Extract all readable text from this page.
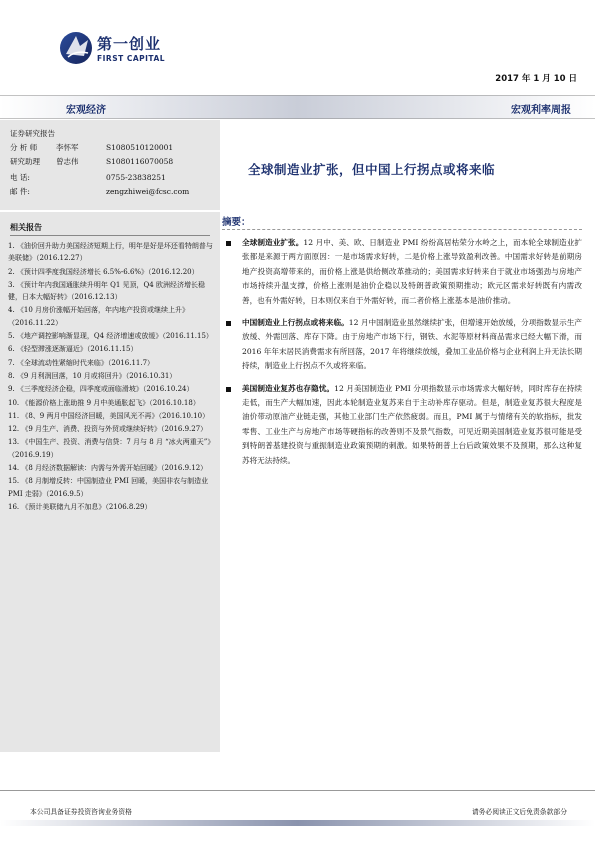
第一创业
FIRST CAPITAL
2017 年 1 月 10 日
宏观经济	宏观利率周报
证券研究报告
分 析 师 李怀军	S1080510120001
研究助理 曾志伟	S1080116070058
电 话:	0755-23838251
邮 件:	zengzhiwei@fcsc.com
全球制造业扩张，但中国上行拐点或将来临
相关报告
1. 《油价回升助力美国经济短期上行，明年是好是坏还看特朗普与美联储》（2016.12.27）
2. 《预计四季度我国经济增长 6.5%-6.6%》（2016.12.20）
3. 《预计年内我国通胀续升明年 Q1 见顶，Q4 欧洲经济增长稳健，日本大幅好转》（2016.12.13）
4. 《10 月房价涨幅开始回落，年内地产投资或继续上升》（2016.11.22）
5. 《地产调控影响渐显现，Q4 经济增速或放缓》（2016.11.15）
6. 《轻型滞涨逐渐逼近》（2016.11.15）
7. 《全球流动性紧缩时代来临》（2016.11.7）
8. 《9 月利润回落，10 月或将回升》（2016.10.31）
9. 《三季度经济企稳，四季度或面临滑坡》（2016.10.24）
10. 《能源价格上涨助推 9 月中美通胀起飞》（2016.10.18）
11. 《8、9 两月中国经济回暖，美国风光不再》（2016.10.10）
12. 《9 月生产、消费、投资与外贸或继续好转》（2016.9.27）
13. 《中国生产、投资、消费与信贷：7 月与 8 月 “冰火两重天”》（2016.9.19）
14. 《8 月经济数据解读：内需与外需开始回暖》（2016.9.12）
15. 《8 月制增反转：中国制造业 PMI 回暖，美国非农与制造业 PMI 走弱》（2016.9.5）
16. 《预计美联储九月不加息》（2106.8.29）
摘要：
全球制造业扩张。12 月中、美、欧、日制造业 PMI 纷纷高居枯荣分水岭之上，而本轮全球制造业扩张都是来源于两方面原因：一是市场需求好转，二是价格上涨导致盈利改善。中国需求好转是前期房地产投资高增带来的，而价格上涨是供给侧改革推动的；美国需求好转来自于就业市场强劲与房地产市场持续升温支撑，价格上涨则是油价企稳以及特朗普政策预期推动；欧元区需求好转既有内需改善，也有外需好转，日本则仅来自于外需好转，而二者价格上涨基本是油价推动。
中国制造业上行拐点或将来临。12 月中国制造业虽然继续扩张，但增速开始放缓，分项指数显示生产放缓、外需回落、库存下降。由于房地产市场下行，钢铁、水泥等原材料商品需求已经大幅下滑，而 2016 年年末居民消费需求有所回落，2017 年将继续放缓，叠加工业品价格与企业利润上升无法长期持续，制造业上行拐点不久或将来临。
美国制造业复苏也存隐忧。12 月美国制造业 PMI 分项指数显示市场需求大幅好转，同时库存在持续走低，而生产大幅加速，因此本轮制造业复苏来自于主动补库存驱动。但是，制造业复苏很大程度是油价带动原油产业链走强，其他工业部门生产依然疲弱。而且，PMI 属于与情绪有关的软指标，批发零售、工业生产与房地产市场等硬指标的改善则不及景气指数，可见近期美国制造业复苏很可能是受到特朗普基建投资与重振制造业政策预期的刺激。如果特朗普上台后政策效果不及预期，那么这种复苏将无法持续。
本公司具备证券投资咨询业务资格	请务必阅读正文后免责条款部分
